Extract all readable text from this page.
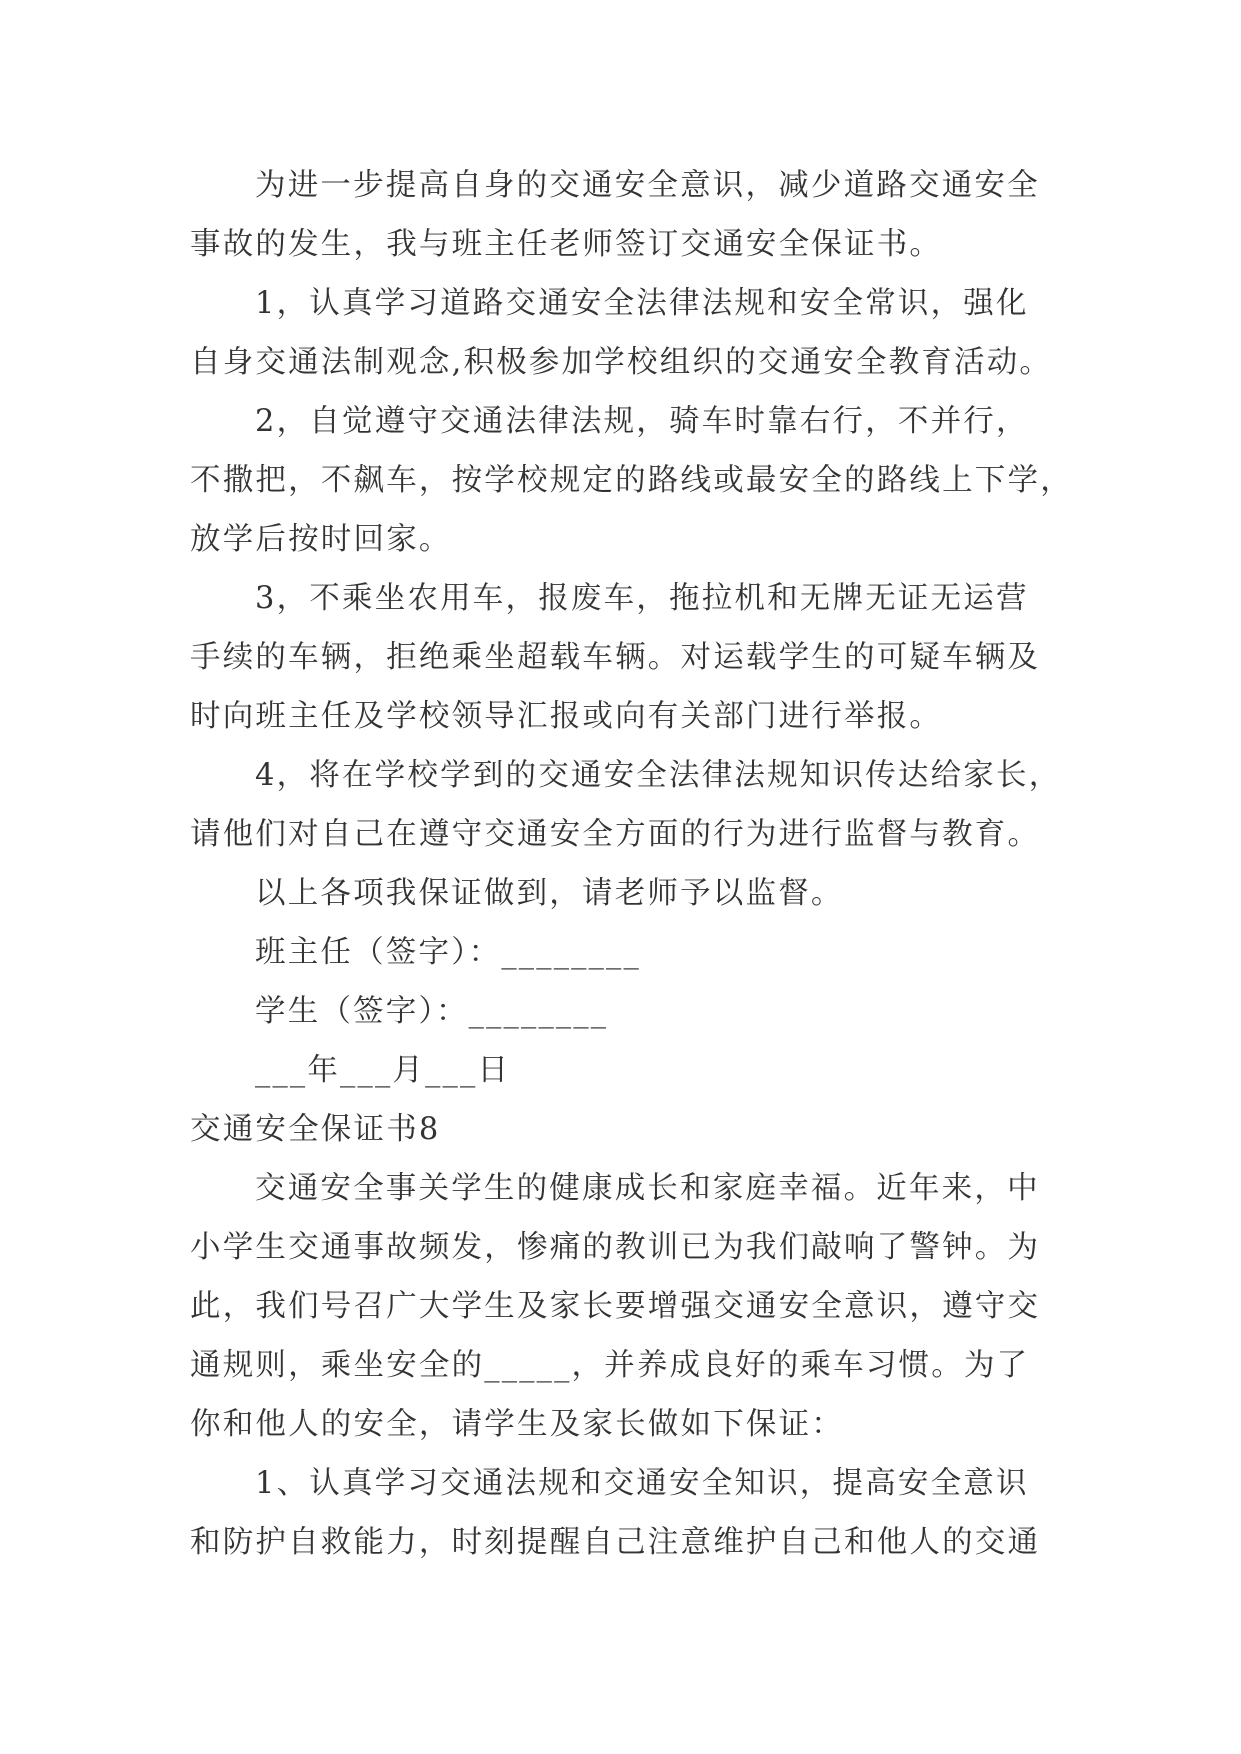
为进一步提高自身的交通安全意识，减少道路交通安全
事故的发生，我与班主任老师签订交通安全保证书。
1，认真学习道路交通安全法律法规和安全常识，强化
自身交通法制观念,积极参加学校组织的交通安全教育活动。
2，自觉遵守交通法律法规，骑车时靠右行，不并行，
不撒把，不飙车，按学校规定的路线或最安全的路线上下学，
放学后按时回家。
3，不乘坐农用车，报废车，拖拉机和无牌无证无运营
手续的车辆，拒绝乘坐超载车辆。对运载学生的可疑车辆及
时向班主任及学校领导汇报或向有关部门进行举报。
4，将在学校学到的交通安全法律法规知识传达给家长，
请他们对自己在遵守交通安全方面的行为进行监督与教育。
以上各项我保证做到，请老师予以监督。
班主任（签字）：________
学生（签字）：________
___年___月___日
交通安全保证书8
交通安全事关学生的健康成长和家庭幸福。近年来，中
小学生交通事故频发，惨痛的教训已为我们敲响了警钟。为
此，我们号召广大学生及家长要增强交通安全意识，遵守交
通规则，乘坐安全的_____，并养成良好的乘车习惯。为了
你和他人的安全，请学生及家长做如下保证：
1、认真学习交通法规和交通安全知识，提高安全意识
和防护自救能力，时刻提醒自己注意维护自己和他人的交通
